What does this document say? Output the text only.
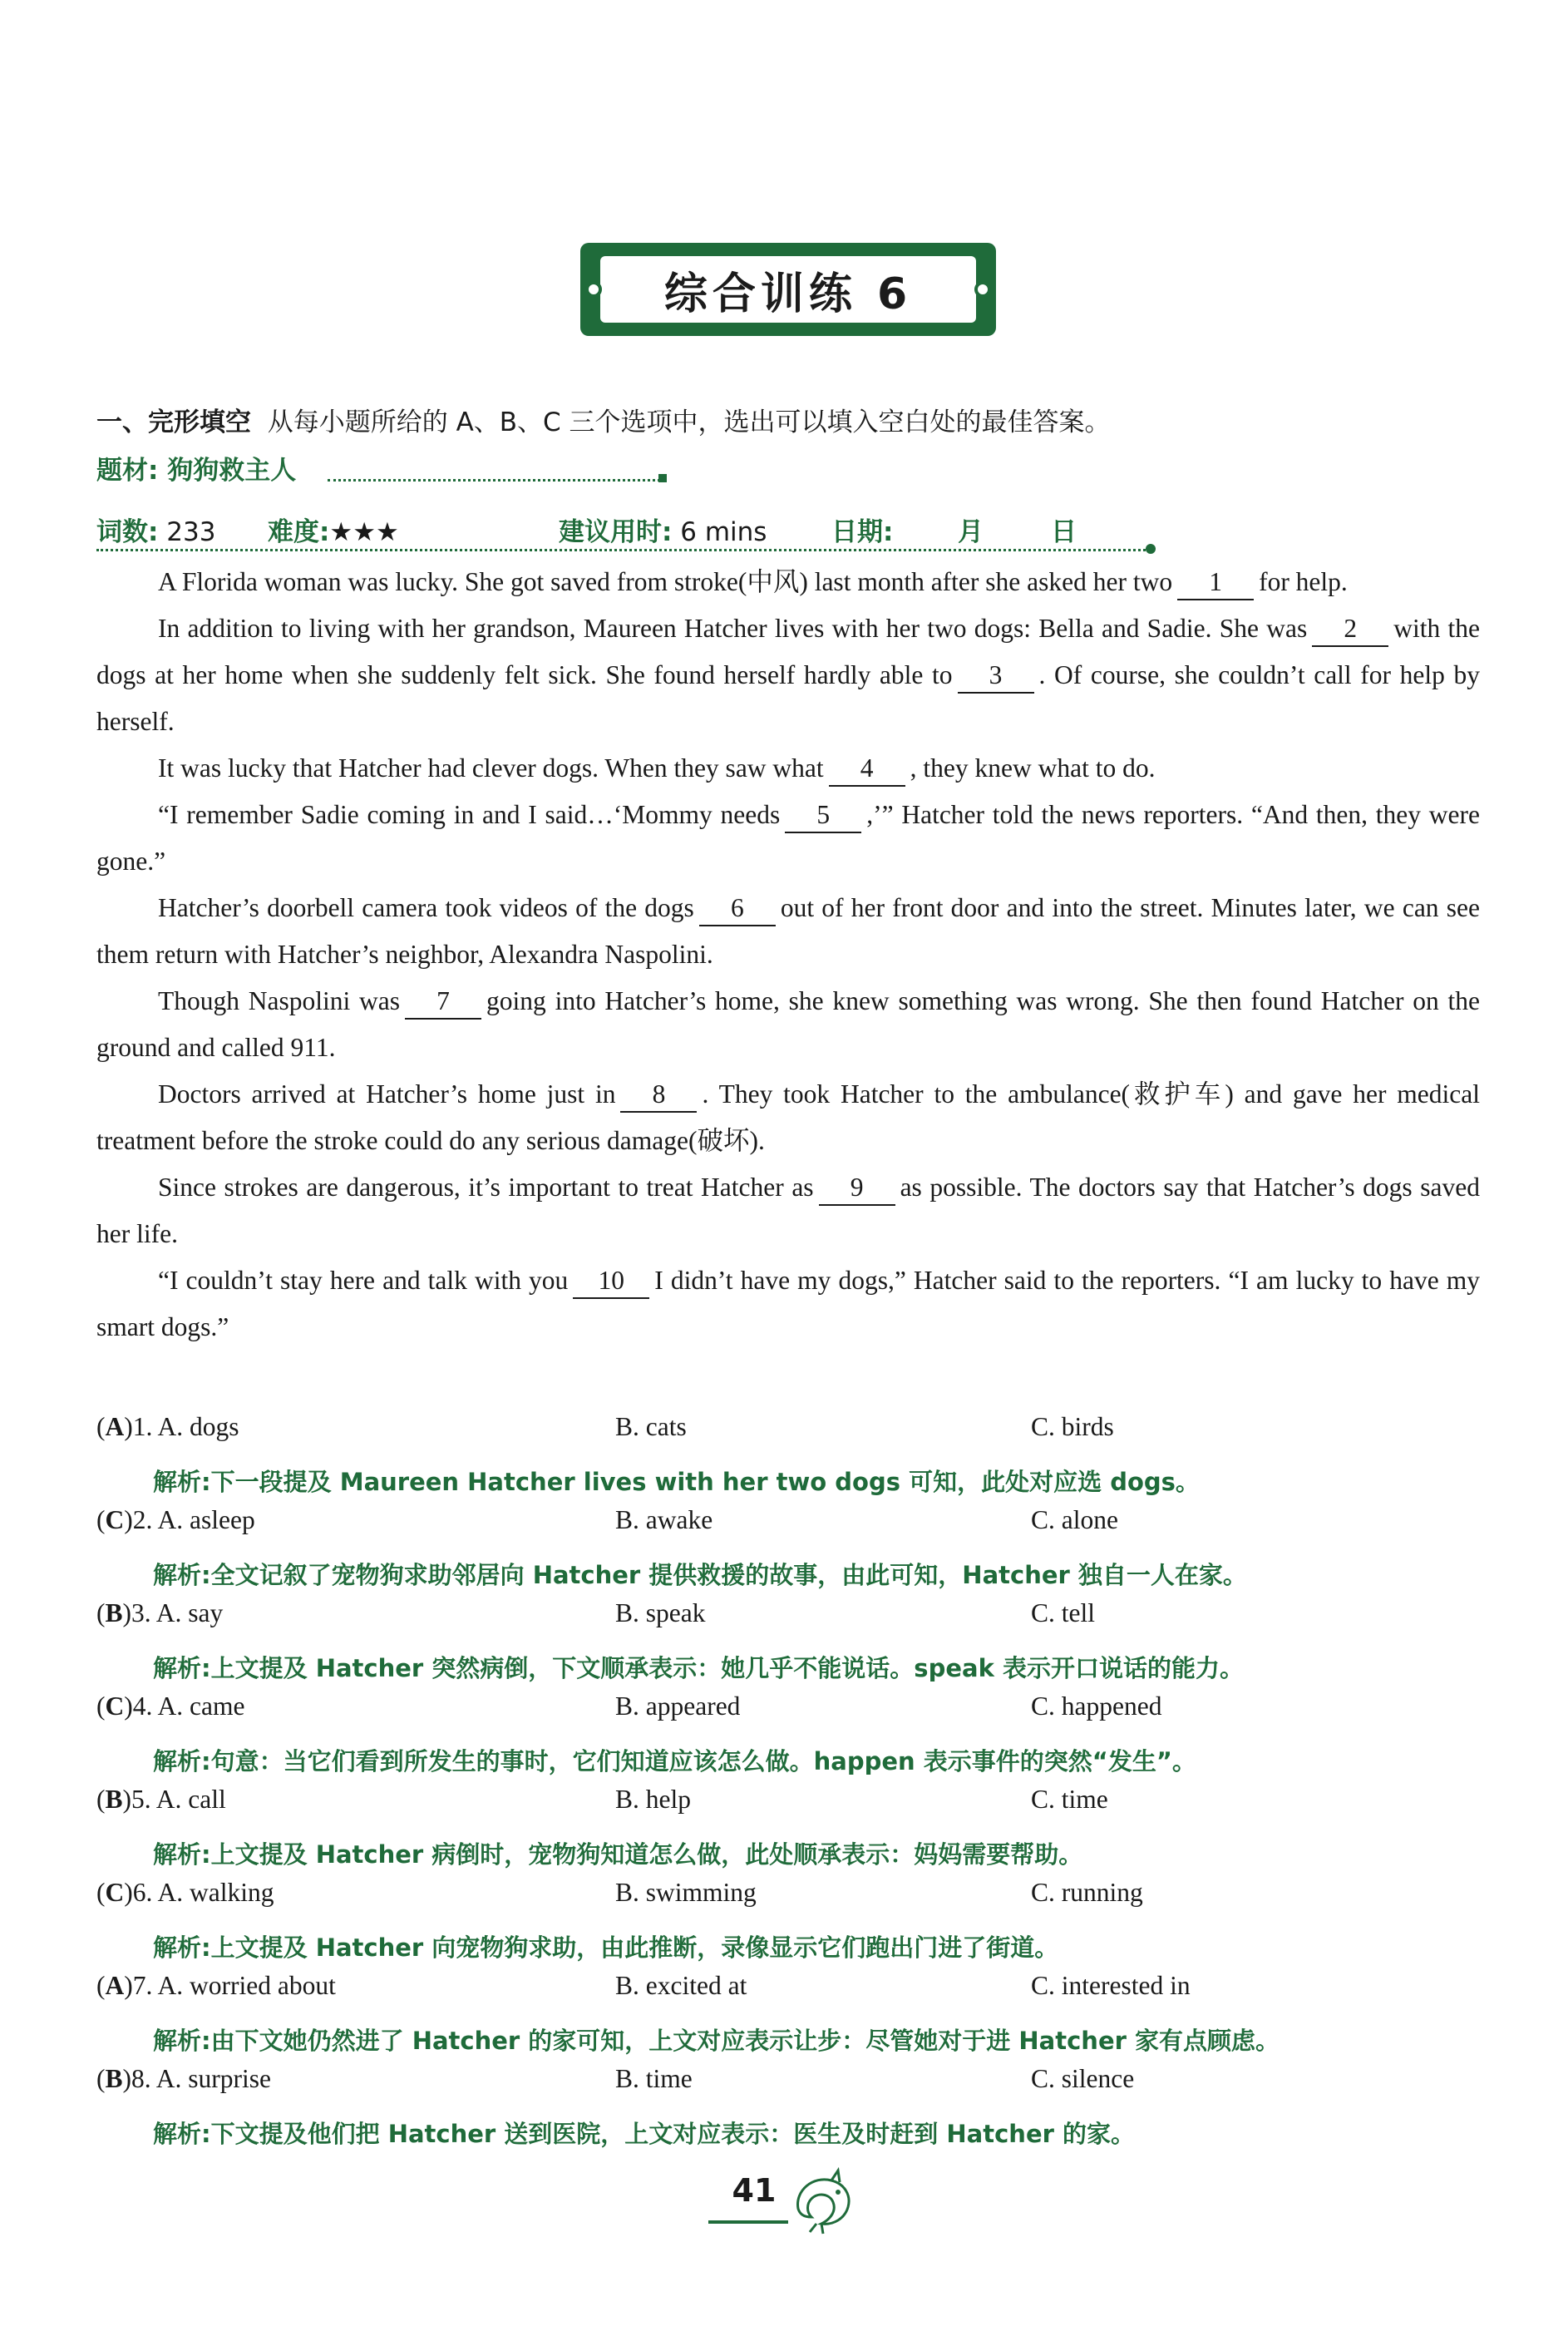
综合训练 6
一、完形填空 从每小题所给的 A、B、C 三个选项中，选出可以填入空白处的最佳答案。
题材: 狗狗救主人
词数: 233 难度:★★★	建议用时: 6 mins	日期:	月	日

A Florida woman was lucky. She got saved from stroke(中风) last month after she asked her two 1 for help.

In addition to living with her grandson, Maureen Hatcher lives with her two dogs: Bella and Sadie. She was 2 with the dogs at her home when she suddenly felt sick. She found herself hardly able to 3 . Of course, she couldn’t call for help by herself.

It was lucky that Hatcher had clever dogs. When they saw what 4 , they knew what to do.

“I remember Sadie coming in and I said…‘Mommy needs 5 ,’” Hatcher told the news reporters. “And then, they were gone.”

Hatcher’s doorbell camera took videos of the dogs 6 out of her front door and into the street. Minutes later, we can see them return with Hatcher’s neighbor, Alexandra Naspolini.

Though Naspolini was 7 going into Hatcher’s home, she knew something was wrong. She then found Hatcher on the ground and called 911.

Doctors arrived at Hatcher’s home just in 8 . They took Hatcher to the ambulance(救护车) and gave her medical treatment before the stroke could do any serious damage(破坏).

Since strokes are dangerous, it’s important to treat Hatcher as 9 as possible. The doctors say that Hatcher’s dogs saved her life.

“I couldn’t stay here and talk with you 10 I didn’t have my dogs,” Hatcher said to the reporters. “I am lucky to have my smart dogs.”

(A)1. A. dogs	B. cats	C. birds
解析:下一段提及 Maureen Hatcher lives with her two dogs 可知，此处对应选 dogs。
(C)2. A. asleep	B. awake	C. alone
解析:全文记叙了宠物狗求助邻居向 Hatcher 提供救援的故事，由此可知，Hatcher 独自一人在家。
(B)3. A. say	B. speak	C. tell
解析:上文提及 Hatcher 突然病倒，下文顺承表示：她几乎不能说话。speak 表示开口说话的能力。
(C)4. A. came	B. appeared	C. happened
解析:句意：当它们看到所发生的事时，它们知道应该怎么做。happen 表示事件的突然“发生”。
(B)5. A. call	B. help	C. time
解析:上文提及 Hatcher 病倒时，宠物狗知道怎么做，此处顺承表示：妈妈需要帮助。
(C)6. A. walking	B. swimming	C. running
解析:上文提及 Hatcher 向宠物狗求助，由此推断，录像显示它们跑出门进了街道。
(A)7. A. worried about	B. excited at	C. interested in
解析:由下文她仍然进了 Hatcher 的家可知，上文对应表示让步：尽管她对于进 Hatcher 家有点顾虑。
(B)8. A. surprise	B. time	C. silence
解析:下文提及他们把 Hatcher 送到医院，上文对应表示：医生及时赶到 Hatcher 的家。
41
